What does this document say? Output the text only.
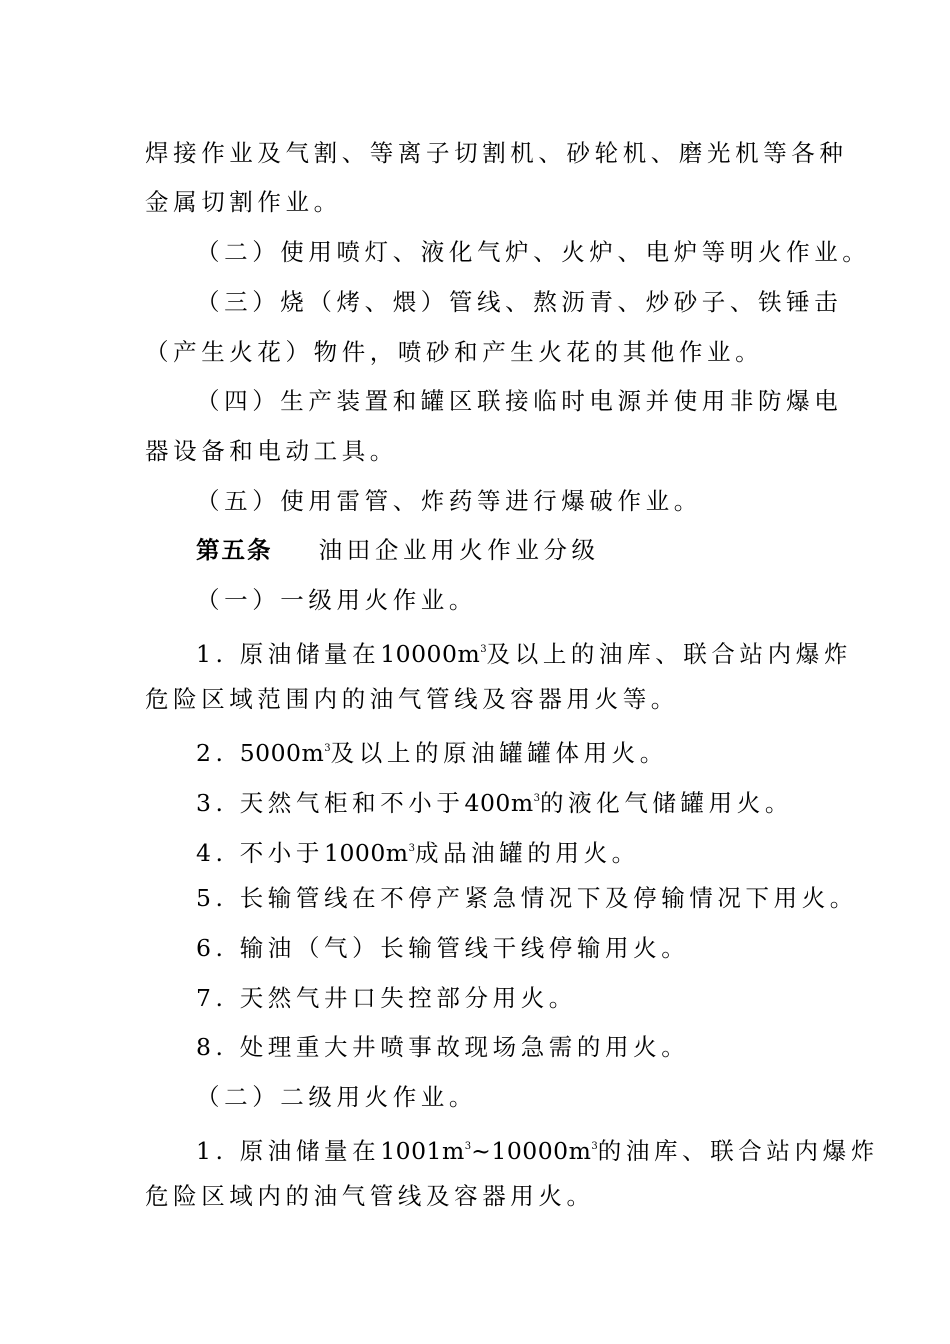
焊接作业及气割、等离子切割机、砂轮机、磨光机等各种
金属切割作业。
（二）使用喷灯、液化气炉、火炉、电炉等明火作业。
（三）烧（烤、煨）管线、熬沥青、炒砂子、铁锤击
（产生火花）物件，喷砂和产生火花的其他作业。
（四）生产装置和罐区联接临时电源并使用非防爆电
器设备和电动工具。
（五）使用雷管、炸药等进行爆破作业。
第五条 油田企业用火作业分级
（一）一级用火作业。
1. 原油储量在$10000m^3$及以上的油库、联合站内爆炸
危险区域范围内的油气管线及容器用火等。
2. $5000m^3$及以上的原油罐罐体用火。
3. 天然气柜和不小于$400m^3$的液化气储罐用火。
4. 不小于$1000m^3$成品油罐的用火。
5. 长输管线在不停产紧急情况下及停输情况下用火。
6. 输油（气）长输管线干线停输用火。
7. 天然气井口失控部分用火。
8. 处理重大井喷事故现场急需的用火。
（二）二级用火作业。
1. 原油储量在$1001m^3\sim 10000m^3$的油库、联合站内爆炸
危险区域内的油气管线及容器用火。
